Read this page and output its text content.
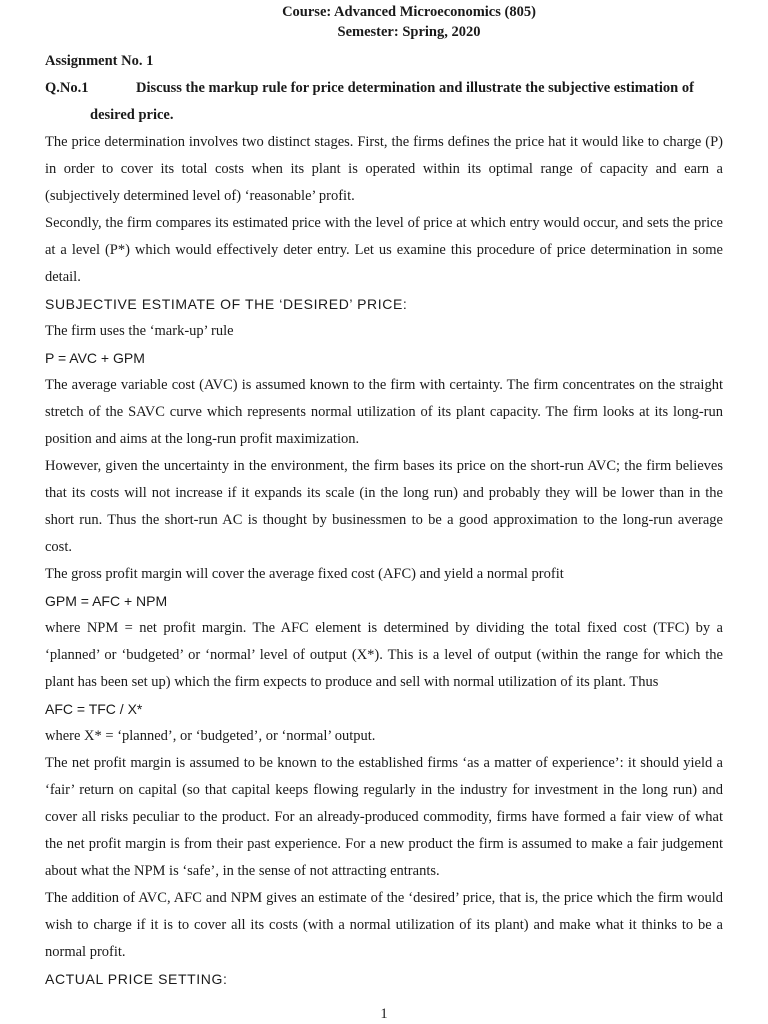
Course: Advanced Microeconomics (805)
Semester: Spring, 2020
Assignment No. 1
Q.No.1	Discuss the markup rule for price determination and illustrate the subjective estimation of
desired price.

The price determination involves two distinct stages. First, the firms defines the price hat it would like to charge (P) in order to cover its total costs when its plant is operated within its optimal range of capacity and earn a (subjectively determined level of) ‘reasonable’ profit.

Secondly, the firm compares its estimated price with the level of price at which entry would occur, and sets the price at a level (P*) which would effectively deter entry. Let us examine this procedure of price determination in some detail.

SUBJECTIVE ESTIMATE OF THE ‘DESIRED’ PRICE:

The firm uses the ‘mark-up’ rule

P = AVC + GPM

The average variable cost (AVC) is assumed known to the firm with certainty. The firm concentrates on the straight stretch of the SAVC curve which represents normal utilization of its plant capacity. The firm looks at its long-run position and aims at the long-run profit maximization.

However, given the uncertainty in the environment, the firm bases its price on the short-run AVC; the firm believes that its costs will not increase if it expands its scale (in the long run) and probably they will be lower than in the short run. Thus the short-run AC is thought by businessmen to be a good approximation to the long-run average cost.

The gross profit margin will cover the average fixed cost (AFC) and yield a normal profit

GPM = AFC + NPM

where NPM = net profit margin. The AFC element is determined by dividing the total fixed cost (TFC) by a ‘planned’ or ‘budgeted’ or ‘normal’ level of output (X*). This is a level of output (within the range for which the plant has been set up) which the firm expects to produce and sell with normal utilization of its plant. Thus

AFC = TFC / X*

where X* = ‘planned’, or ‘budgeted’, or ‘normal’ output.

The net profit margin is assumed to be known to the established firms ‘as a matter of experience’: it should yield a ‘fair’ return on capital (so that capital keeps flowing regularly in the industry for investment in the long run) and cover all risks peculiar to the product. For an already-produced commodity, firms have formed a fair view of what the net profit margin is from their past experience. For a new product the firm is assumed to make a fair judgement about what the NPM is ‘safe’, in the sense of not attracting entrants.

The addition of AVC, AFC and NPM gives an estimate of the ‘desired’ price, that is, the price which the firm would wish to charge if it is to cover all its costs (with a normal utilization of its plant) and make what it thinks to be a normal profit.

ACTUAL PRICE SETTING:

1
